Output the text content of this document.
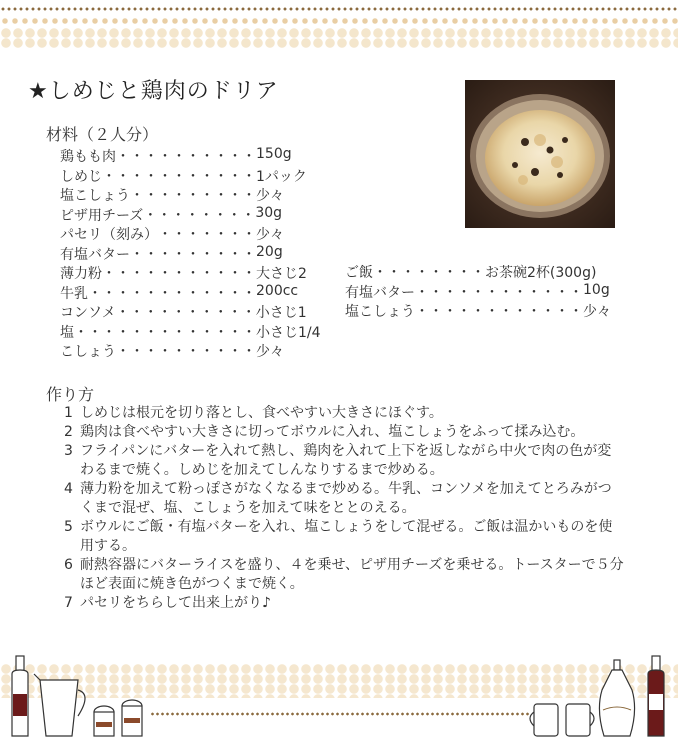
★しめじと鶏肉のドリア
材料（２人分）
鶏もも肉 ・・・・・・・・・・ 150g
しめじ ・・・・・・・・・・・ 1パック
塩こしょう ・・・・・・・・・ 少々
ピザ用チーズ ・・・・・・・・ 30g
パセリ（刻み） ・・・・・・・ 少々
有塩バター ・・・・・・・・・ 20g
薄力粉 ・・・・・・・・・・・ 大さじ2
牛乳 ・・・・・・・・・・・・ 200cc
コンソメ ・・・・・・・・・・ 小さじ1
塩 ・・・・・・・・・・・・・ 小さじ1/4
こしょう ・・・・・・・・・・ 少々
ご飯 ・・・・・・・・ お茶碗2杯(300g)
有塩バター ・・・・・・・・・・・・ 10g
塩こしょう ・・・・・・・・・・・・ 少々
作り方
1 しめじは根元を切り落とし、食べやすい大きさにほぐす。
2 鶏肉は食べやすい大きさに切ってボウルに入れ、塩こしょうをふって揉み込む。
3 フライパンにバターを入れて熱し、鶏肉を入れて上下を返しながら中火で肉の色が変わるまで焼く。しめじを加えてしんなりするまで炒める。
4 薄力粉を加えて粉っぽさがなくなるまで炒める。牛乳、コンソメを加えてとろみがつくまで混ぜ、塩、こしょうを加えて味をととのえる。
5 ボウルにご飯・有塩バターを入れ、塩こしょうをして混ぜる。ご飯は温かいものを使用する。
6 耐熱容器にバターライスを盛り、４を乗せ、ピザ用チーズを乗せる。トースターで５分ほど表面に焼き色がつくまで焼く。
7 パセリをちらして出来上がり♪
